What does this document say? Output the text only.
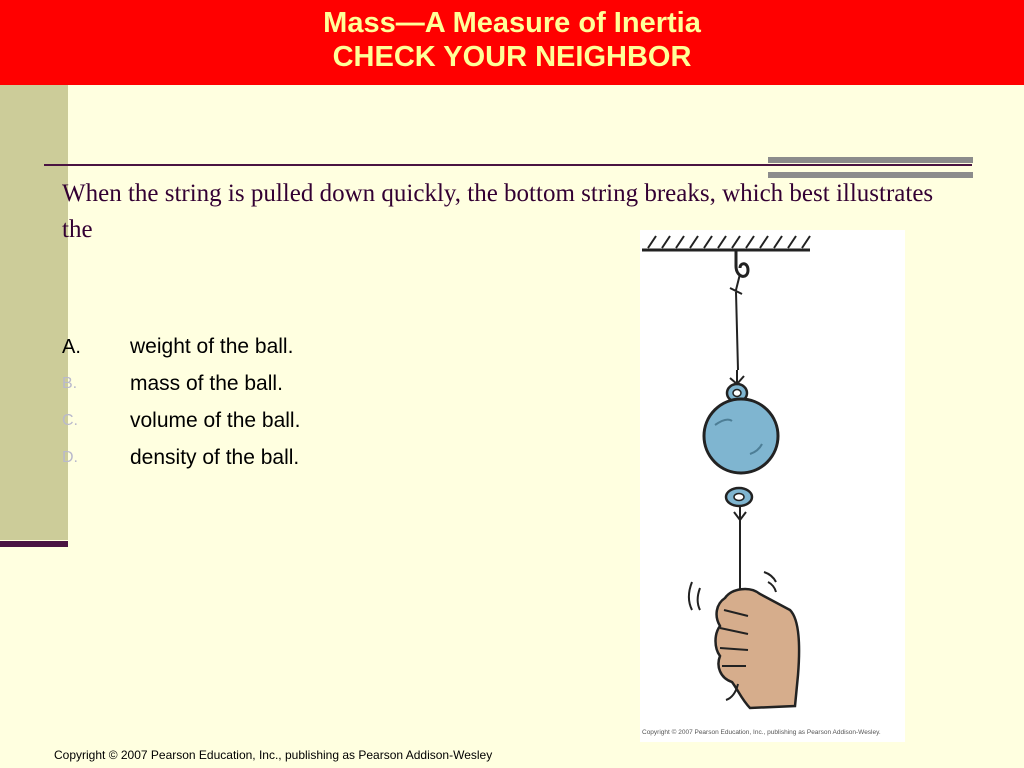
Mass—A Measure of Inertia
CHECK YOUR NEIGHBOR
When the string is pulled down quickly, the bottom string breaks, which best illustrates the
A.	weight of the ball.
B.	mass of the ball.
C.	volume of the ball.
D.	density of the ball.
Copyright © 2007 Pearson Education, Inc., publishing as Pearson Addison-Wesley.
Copyright © 2007 Pearson Education, Inc., publishing as Pearson Addison-Wesley
